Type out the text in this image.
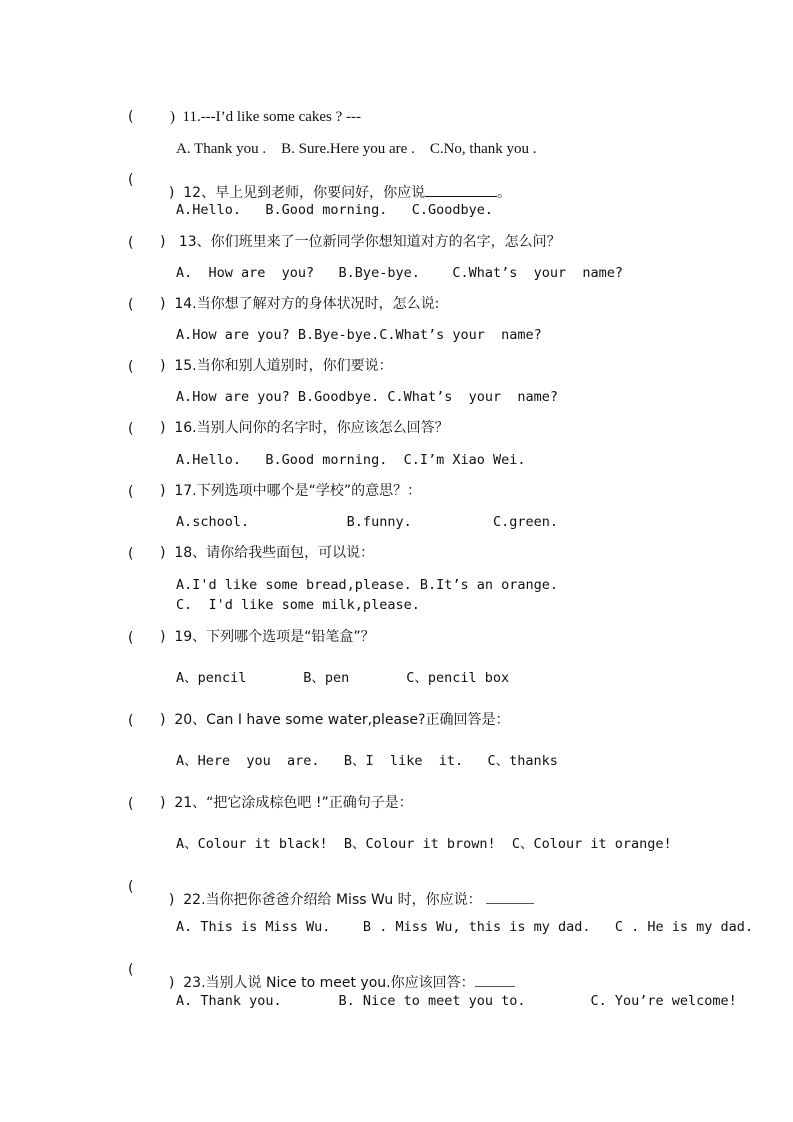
( )  11.---I’d like some cakes ? ---
A. Thank you .    B. Sure.Here you are .    C.No, thank you .
(

)  12、早上见到老师，你要问好，你应说	。

A.Hello.   B.Good morning.   C.Goodbye.
( )   13、你们班里来了一位新同学你想知道对方的名字，怎么问？
A.  How are  you?   B.Bye-bye.    C.What’s  your  name?
( )  14.当你想了解对方的身体状况时，怎么说:
A.How are you? B.Bye-bye.C.What’s your  name?
( )  15.当你和别人道别时，你们要说：
A.How are you? B.Goodbye. C.What’s  your  name?
( )  16.当别人问你的名字时，你应该怎么回答？
A.Hello.   B.Good morning.  C.I’m Xiao Wei.
( )  17.下列选项中哪个是“学校”的意思？：
A.school.            B.funny.          C.green.
( )  18、请你给我些面包，可以说：
A.I'd like some bread,please. B.It’s an orange.
C.  I'd like some milk,please.
( )  19、下列哪个选项是“铅笔盒”？
A、pencil       B、pen       C、pencil box
( )  20、Can I have some water,please?正确回答是：
A、Here  you  are.   B、I  like  it.   C、thanks
( )  21、“把它涂成棕色吧 !”正确句子是：
A、Colour it black!  B、Colour it brown!  C、Colour it orange!
(

)  22.当你把你爸爸介绍给 Miss Wu 时，你应说：

A. This is Miss Wu.    B . Miss Wu, this is my dad.   C . He is my dad.
(

)  23.当别人说 Nice to meet you.你应该回答：

A. Thank you.       B. Nice to meet you to.        C. You’re welcome!
